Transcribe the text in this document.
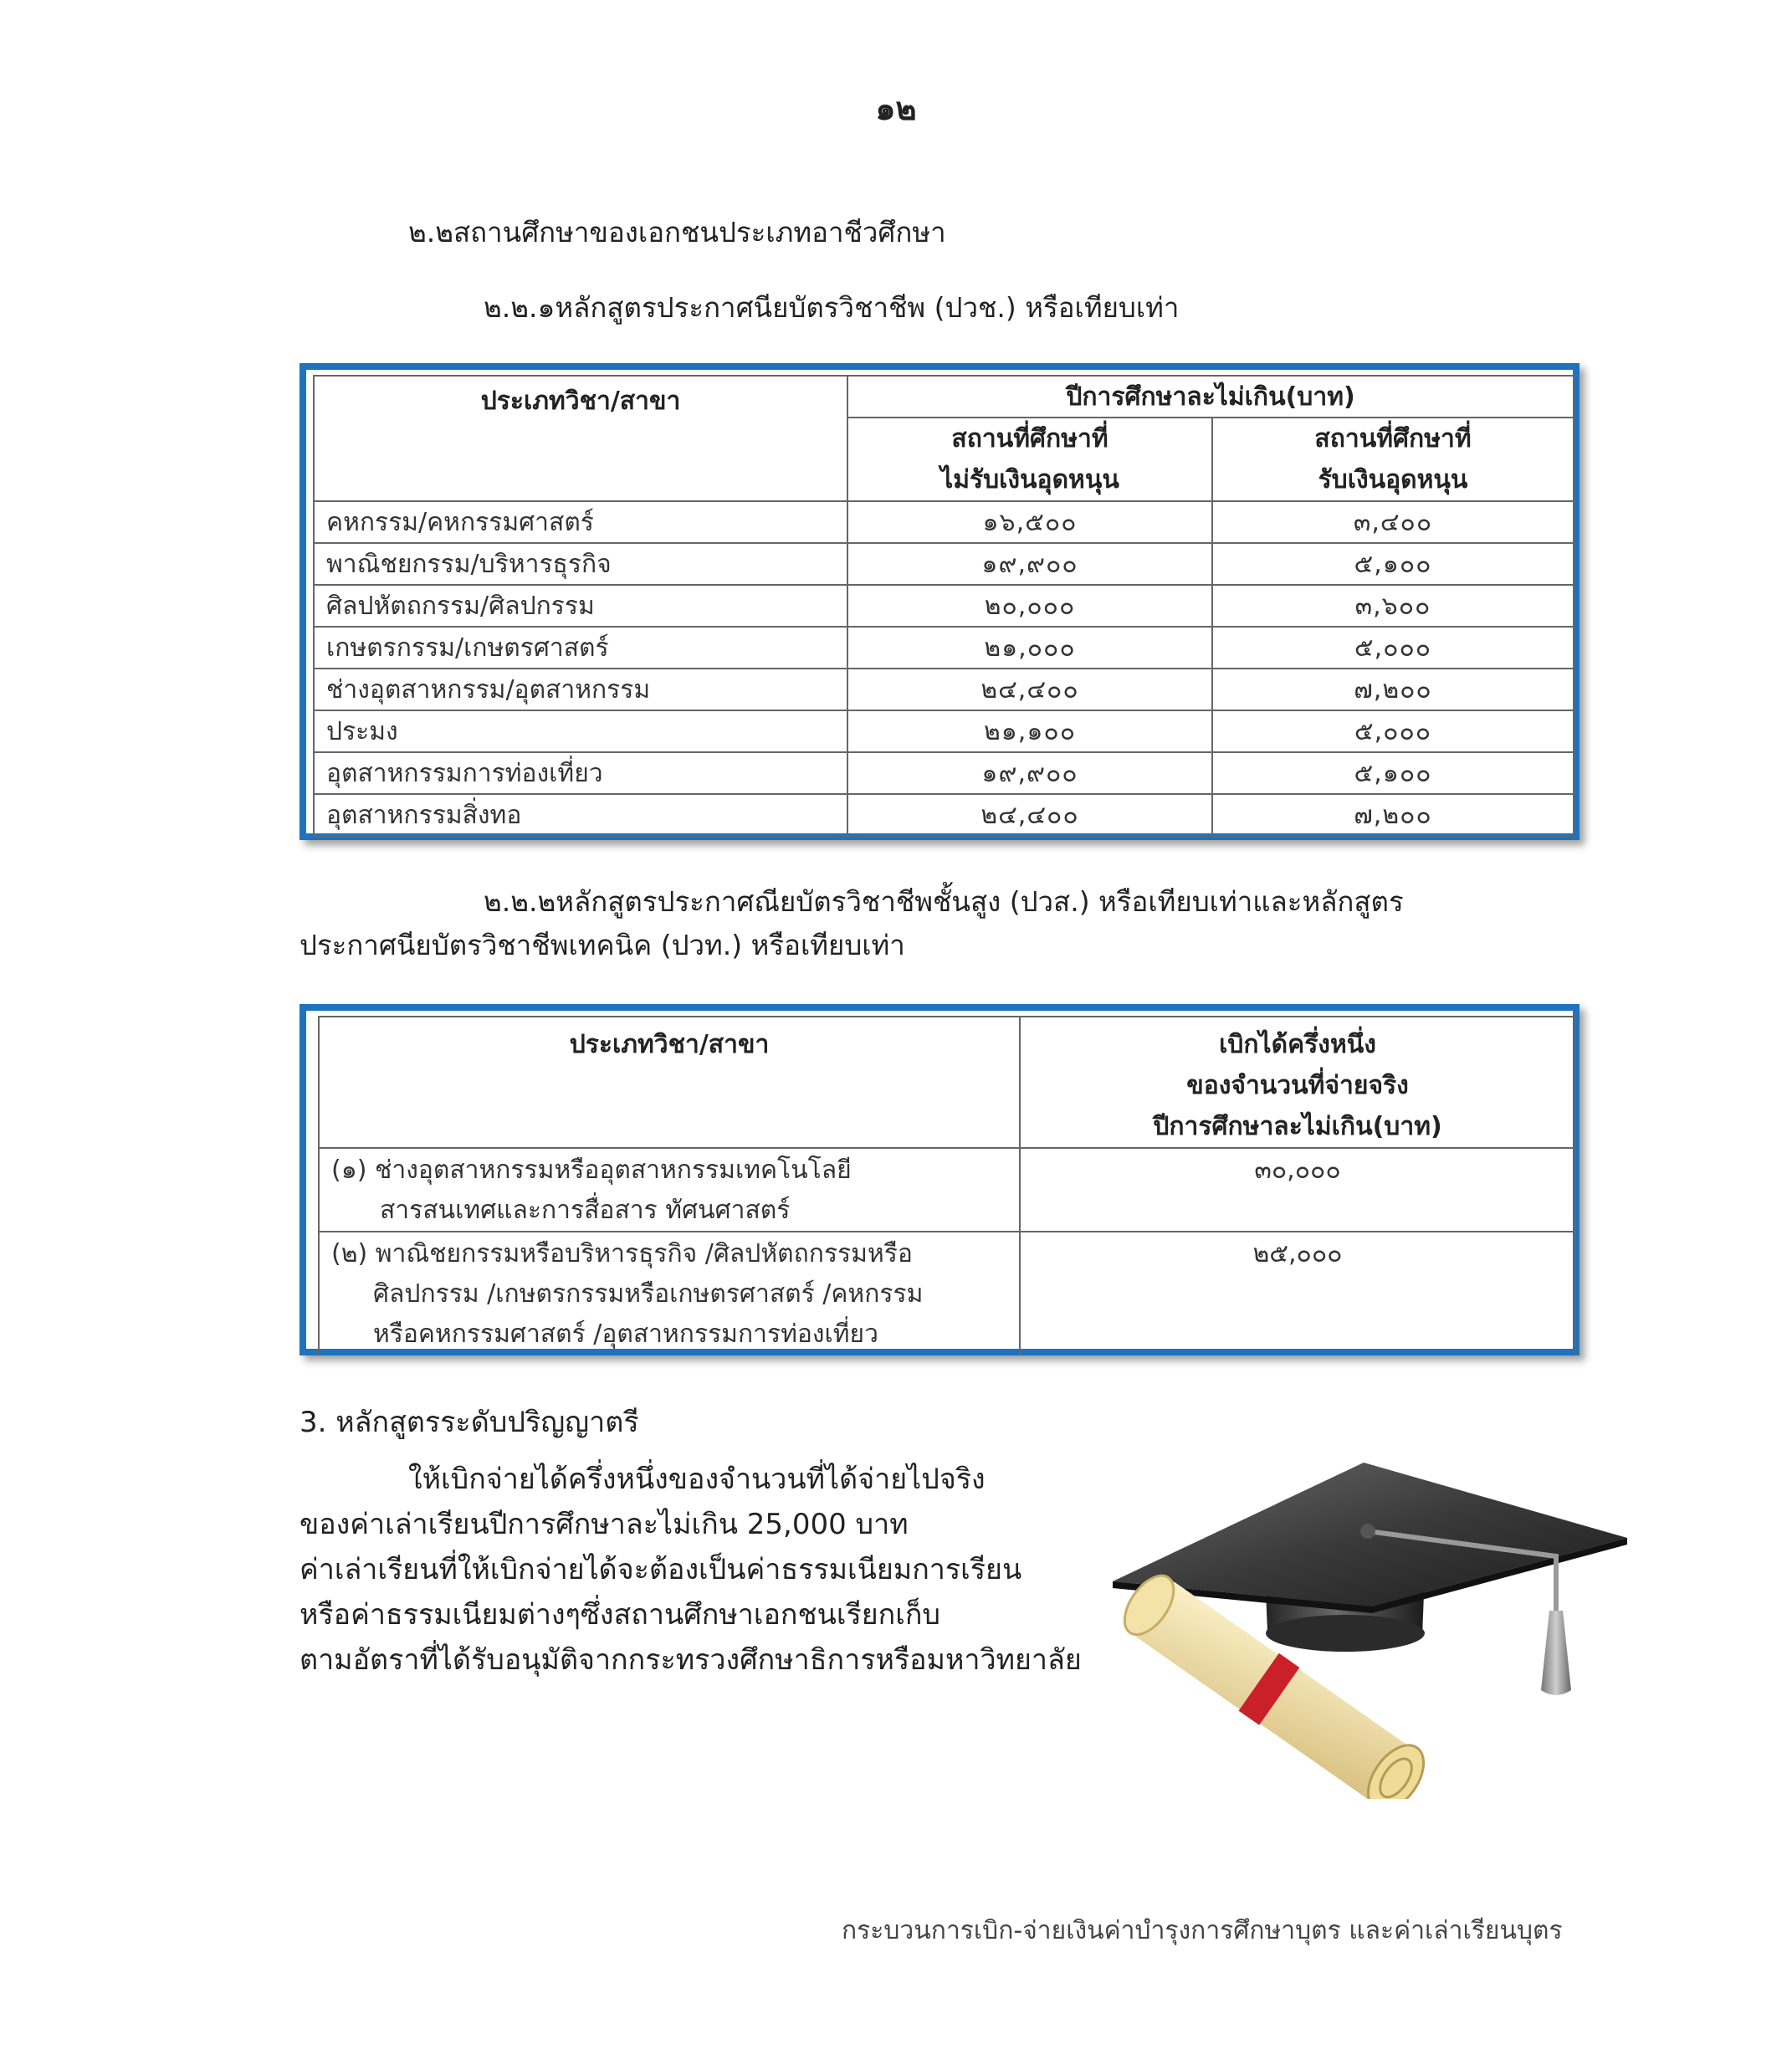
๑๒
๒.๒สถานศึกษาของเอกชนประเภทอาชีวศึกษา
๒.๒.๑หลักสูตรประกาศนียบัตรวิชาชีพ (ปวช.) หรือเทียบเท่า
ประเภทวิชา/สาขา	ปีการศึกษาละไม่เกิน(บาท)	
	สถานที่ศึกษาที่	สถานที่ศึกษาที่
	ไม่รับเงินอุดหนุน	รับเงินอุดหนุน
คหกรรม/คหกรรมศาสตร์	๑๖,๕๐๐	๓,๔๐๐
พาณิชยกรรม/บริหารธุรกิจ	๑๙,๙๐๐	๕,๑๐๐
ศิลปหัตถกรรม/ศิลปกรรม	๒๐,๐๐๐	๓,๖๐๐
เกษตรกรรม/เกษตรศาสตร์	๒๑,๐๐๐	๕,๐๐๐
ช่างอุตสาหกรรม/อุตสาหกรรม	๒๔,๔๐๐	๗,๒๐๐
ประมง	๒๑,๑๐๐	๕,๐๐๐
อุตสาหกรรมการท่องเที่ยว	๑๙,๙๐๐	๕,๑๐๐
อุตสาหกรรมสิ่งทอ	๒๔,๔๐๐	๗,๒๐๐
๒.๒.๒หลักสูตรประกาศณียบัตรวิชาชีพชั้นสูง (ปวส.) หรือเทียบเท่าและหลักสูตร
ประกาศนียบัตรวิชาชีพเทคนิค (ปวท.) หรือเทียบเท่า
ประเภทวิชา/สาขา	เบิกได้ครึ่งหนึ่ง
ของจำนวนที่จ่ายจริง
ปีการศึกษาละไม่เกิน(บาท)

(๑) ช่างอุตสาหกรรมหรืออุตสาหกรรมเทคโนโลยี
สารสนเทศและการสื่อสาร ทัศนศาสตร์	๓๐,๐๐๐

(๒) พาณิชยกรรมหรือบริหารธุรกิจ /ศิลปหัตถกรรมหรือ
ศิลปกรรม /เกษตรกรรมหรือเกษตรศาสตร์ /คหกรรม
หรือคหกรรมศาสตร์ /อุตสาหกรรมการท่องเที่ยว	๒๕,๐๐๐
3. หลักสูตรระดับปริญญาตรี
ให้เบิกจ่ายได้ครึ่งหนึ่งของจำนวนที่ได้จ่ายไปจริง
ของค่าเล่าเรียนปีการศึกษาละไม่เกิน 25,000 บาท
ค่าเล่าเรียนที่ให้เบิกจ่ายได้จะต้องเป็นค่าธรรมเนียมการเรียน
หรือค่าธรรมเนียมต่างๆซึ่งสถานศึกษาเอกชนเรียกเก็บ
ตามอัตราที่ได้รับอนุมัติจากกระทรวงศึกษาธิการหรือมหาวิทยาลัย
กระบวนการเบิก-จ่ายเงินค่าบำรุงการศึกษาบุตร และค่าเล่าเรียนบุตร
